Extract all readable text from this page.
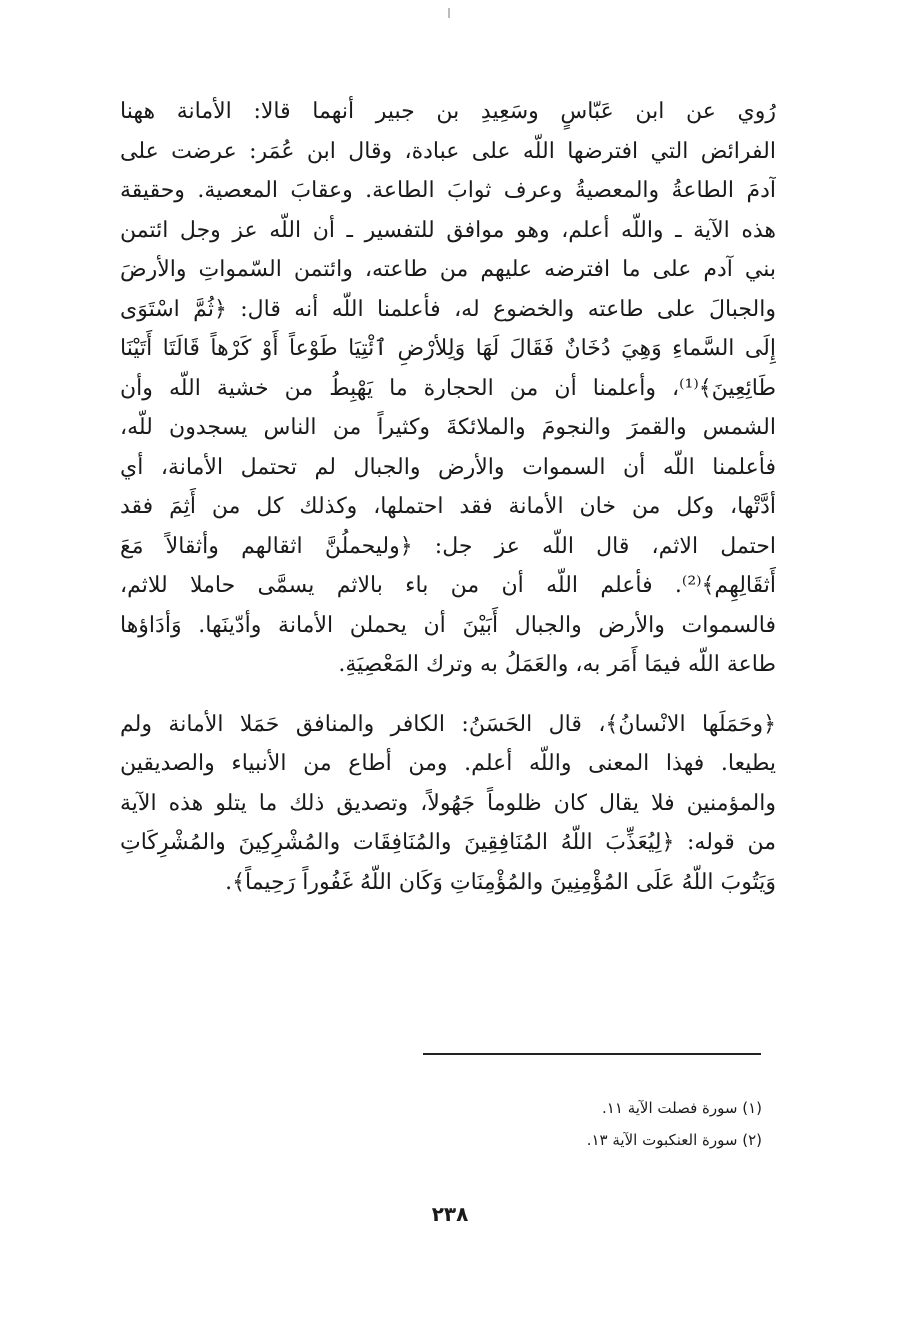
رُوي عن ابن عَبّاسٍ وسَعِيدِ بن جبير أنهما قالا: الأمانة ههنا
الفرائض التي افترضها اللّه على عبادة، وقال ابن عُمَر: عرضت على
آدمَ الطاعةُ والمعصيةُ وعرف ثوابَ الطاعة. وعقابَ المعصية. وحقيقة
هذه الآية ـ واللّه أعلم، وهو موافق للتفسير ـ أن اللّه عز وجل ائتمن
بني آدم على ما افترضه عليهم من طاعته، وائتمن السّمواتِ والأرضَ
والجبالَ على طاعته والخضوع له، فأعلمنا اللّه أنه قال: ﴿ثُمَّ اسْتَوَى
إِلَى السَّماءِ وَهِيَ دُخَانٌ فَقَالَ لَهَا وَلِلأرْضِ ٱئْتِيَا طَوْعاً أَوْ كَرْهاً قَالَتَا أَتَيْنَا
طَائِعِينَ﴾⁽¹⁾، وأعلمنا أن من الحجارة ما يَهْبِطُ من خشية اللّه وأن
الشمس والقمرَ والنجومَ والملائكةَ وكثيراً من الناس يسجدون للّه،
فأعلمنا اللّه أن السموات والأرض والجبال لم تحتمل الأمانة، أي
أدَّتْها، وكل من خان الأمانة فقد احتملها، وكذلك كل من أَثِمَ فقد
احتمل الاثم، قال اللّه عز جل: ﴿وليحملُنَّ اثقالهم وأثقالاً مَعَ
أَثقَالِهِم﴾⁽²⁾. فأعلم اللّه أن من باء بالاثم يسمَّى حاملا للاثم،
فالسموات والأرض والجبال أَبَيْنَ أن يحملن الأمانة وأدّينَها. وَأدَاؤها
طاعة اللّه فيمَا أَمَر به، والعَمَلُ به وترك المَعْصِيَةِ.
﴿وحَمَلَها الانْسانُ﴾، قال الحَسَنُ: الكافر والمنافق حَمَلا الأمانة ولم
يطيعا. فهذا المعنى واللّه أعلم. ومن أطاع من الأنبياء والصديقين
والمؤمنين فلا يقال كان ظلوماً جَهُولاً، وتصديق ذلك ما يتلو هذه الآية
من قوله: ﴿لِيُعَذِّبَ اللّهُ المُنَافِقِينَ والمُنَافِقَات والمُشْرِكِينَ والمُشْرِكَاتِ
وَيَتُوبَ اللّهُ عَلَى المُؤْمِنِينَ والمُؤْمِنَاتِ وَكَان اللّهُ غَفُوراً رَحِيماً﴾.
(١) سورة فصلت الآية ١١.
(٢) سورة العنكبوت الآية ١٣.
٢٣٨
